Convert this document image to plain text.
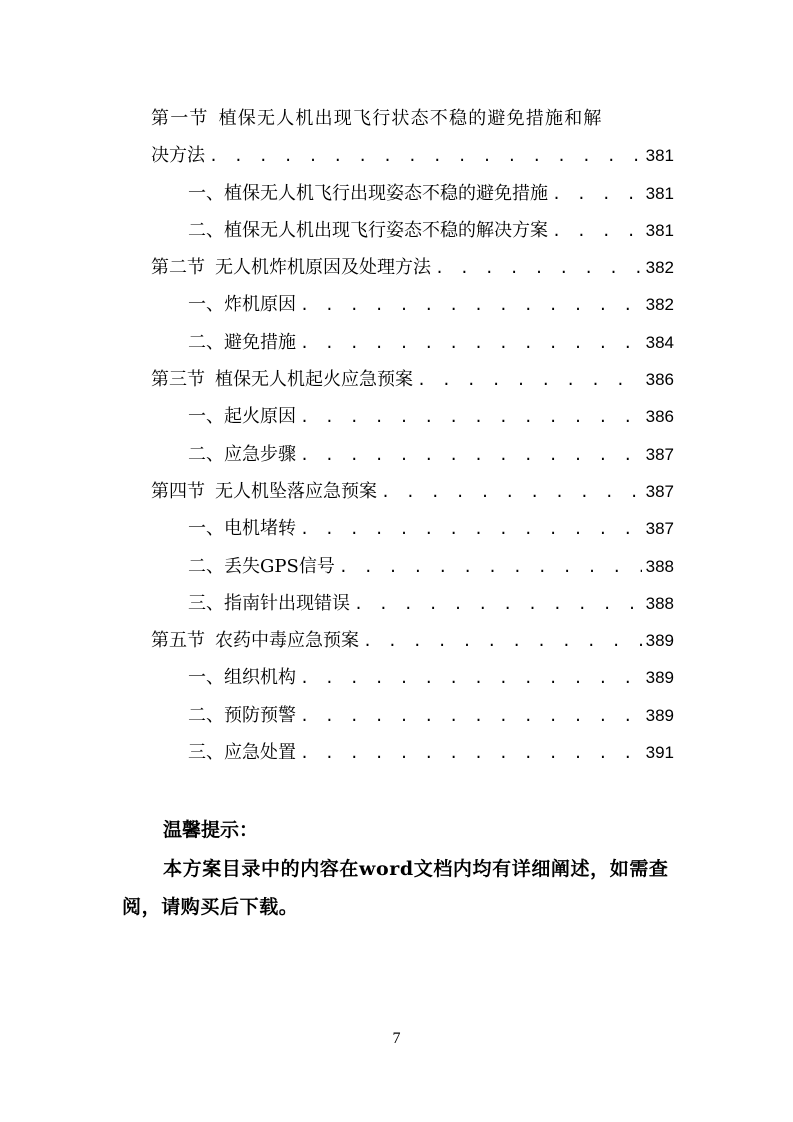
第一节 植保无人机出现飞行状态不稳的避免措施和解
决方法 . . .	381
一、植保无人机飞行出现姿态不稳的避免措施 . . .	381
二、植保无人机出现飞行姿态不稳的解决方案 . . .	381
第二节 无人机炸机原因及处理方法 . . .	382
一、炸机原因 . . .	382
二、避免措施 . . .	384
第三节 植保无人机起火应急预案 . . .	386
一、起火原因 . . .	386
二、应急步骤 . . .	387
第四节 无人机坠落应急预案 . . .	387
一、电机堵转 . . .	387
二、丢失GPS信号 . . .	388
三、指南针出现错误 . . .	388
第五节 农药中毒应急预案 . . .	389
一、组织机构 . . .	389
二、预防预警 . . .	389
三、应急处置 . . .	391
温馨提示：
本方案目录中的内容在word文档内均有详细阐述，如需查阅，请购买后下载。
7
